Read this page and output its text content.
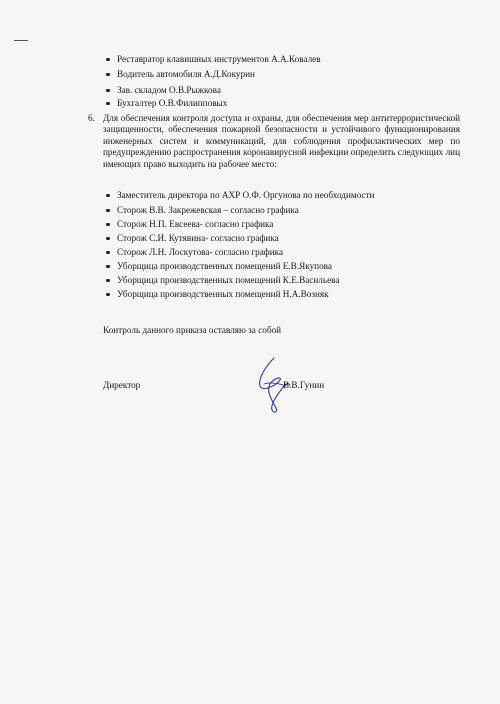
Реставратор клавишных инструментов А.А.Ковалев
Водитель автомобиля А.Д.Кокурин
Зав. складом О.В.Рыжкова
Бухгалтер О.В.Филипповых
6. Для обеспечения контроля доступа и охраны, для обеспечения мер антитеррористической защищенности, обеспечения пожарной безопасности и устойчивого функционирования инженерных систем и коммуникаций, для соблюдения профилактических мер по предупреждению распространения коронавирусной инфекции определить следующих лиц имеющих право выходить на рабочее место:
Заместитель директора по АХР О.Ф. Оргунова по необходимости
Сторож В.В. Закрежевская – согласно графика
Сторож Н.П. Евсеева- согласно графика
Сторож С.И. Кутявина- согласно графика
Сторож Л.Н. Лоскутова- согласно графика
Уборщица производственных помещений Е.В.Якупова
Уборщица производственных помещений К.Е.Васильева
Уборщица производственных помещений Н.А.Возняк
Контроль данного приказа оставляю за собой
Директор	В.В.Гунин
